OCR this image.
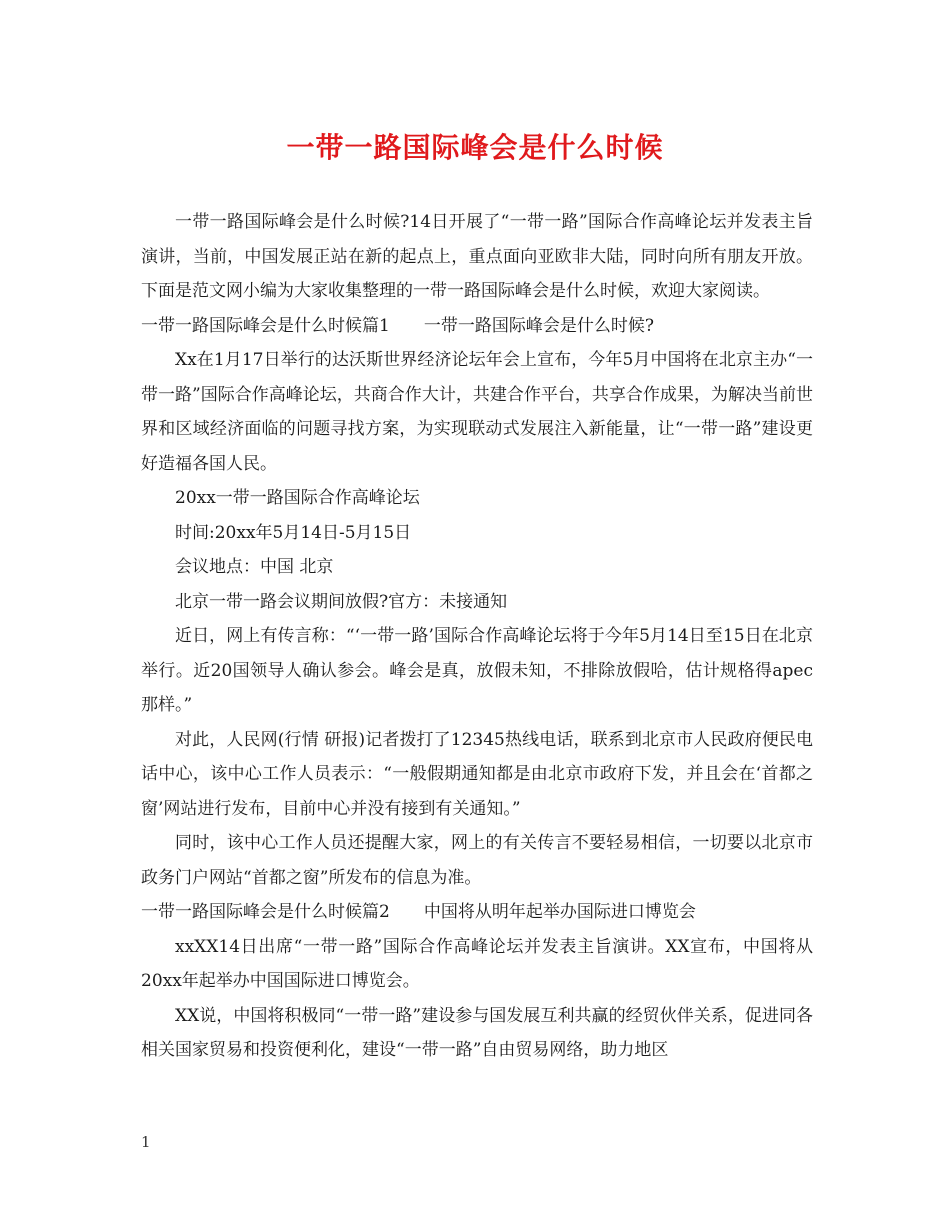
一带一路国际峰会是什么时候

一带一路国际峰会是什么时候?14日开展了“一带一路”国际合作高峰论坛并发表主旨演讲，当前，中国发展正站在新的起点上，重点面向亚欧非大陆，同时向所有朋友开放。下面是范文网小编为大家收集整理的一带一路国际峰会是什么时候，欢迎大家阅读。

一带一路国际峰会是什么时候篇1 一带一路国际峰会是什么时候?

Xx在1月17日举行的达沃斯世界经济论坛年会上宣布，今年5月中国将在北京主办“一带一路”国际合作高峰论坛，共商合作大计，共建合作平台，共享合作成果，为解决当前世界和区域经济面临的问题寻找方案，为实现联动式发展注入新能量，让“一带一路”建设更好造福各国人民。

20xx一带一路国际合作高峰论坛

时间:20xx年5月14日-5月15日

会议地点：中国 北京

北京一带一路会议期间放假?官方：未接通知

近日，网上有传言称：“‘一带一路’国际合作高峰论坛将于今年5月14日至15日在北京举行。近20国领导人确认参会。峰会是真，放假未知，不排除放假哈，估计规格得apec那样。”

对此，人民网(行情 研报)记者拨打了12345热线电话，联系到北京市人民政府便民电话中心，该中心工作人员表示：“一般假期通知都是由北京市政府下发，并且会在‘首都之窗’网站进行发布，目前中心并没有接到有关通知。”

同时，该中心工作人员还提醒大家，网上的有关传言不要轻易相信，一切要以北京市政务门户网站“首都之窗”所发布的信息为准。

一带一路国际峰会是什么时候篇2 中国将从明年起举办国际进口博览会

xxXX14日出席“一带一路”国际合作高峰论坛并发表主旨演讲。XX宣布，中国将从20xx年起举办中国国际进口博览会。

XX说，中国将积极同“一带一路”建设参与国发展互利共赢的经贸伙伴关系，促进同各相关国家贸易和投资便利化，建设“一带一路”自由贸易网络，助力地区

1
